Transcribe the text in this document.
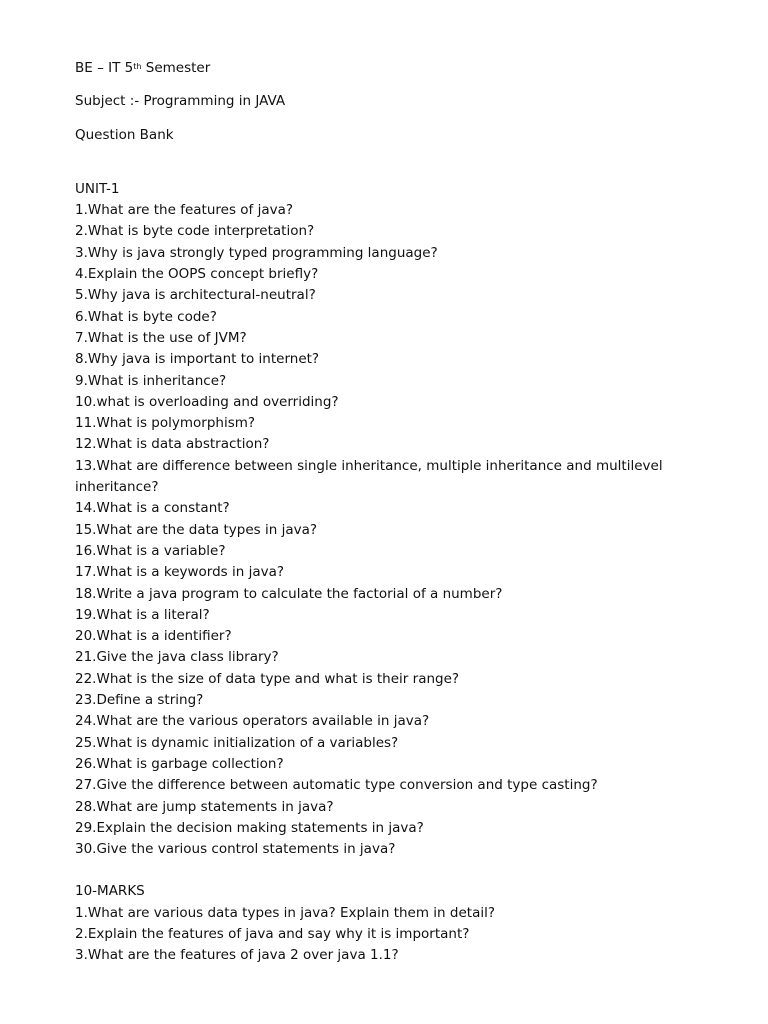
BE – IT 5th Semester

Subject :- Programming in JAVA

Question Bank

UNIT-1

1.What are the features of java?
2.What is byte code interpretation?
3.Why is java strongly typed programming language?
4.Explain the OOPS concept briefly?
5.Why java is architectural-neutral?
6.What is byte code?
7.What is the use of JVM?
8.Why java is important to internet?
9.What is inheritance?
10.what is overloading and overriding?
11.What is polymorphism?
12.What is data abstraction?
13.What are difference between single inheritance, multiple inheritance and multilevel inheritance?
14.What is a constant?
15.What are the data types in java?
16.What is a variable?
17.What is a keywords in java?
18.Write a java program to calculate the factorial of a number?
19.What is a literal?
20.What is a identifier?
21.Give the java class library?
22.What is the size of data type and what is their range?
23.Define a string?
24.What are the various operators available in java?
25.What is dynamic initialization of a variables?
26.What is garbage collection?
27.Give the difference between automatic type conversion and type casting?
28.What are jump statements in java?
29.Explain the decision making statements in java?
30.Give the various control statements in java?

10-MARKS

1.What are various data types in java? Explain them in detail?
2.Explain the features of java and say why it is important?
3.What are the features of java 2 over java 1.1?
